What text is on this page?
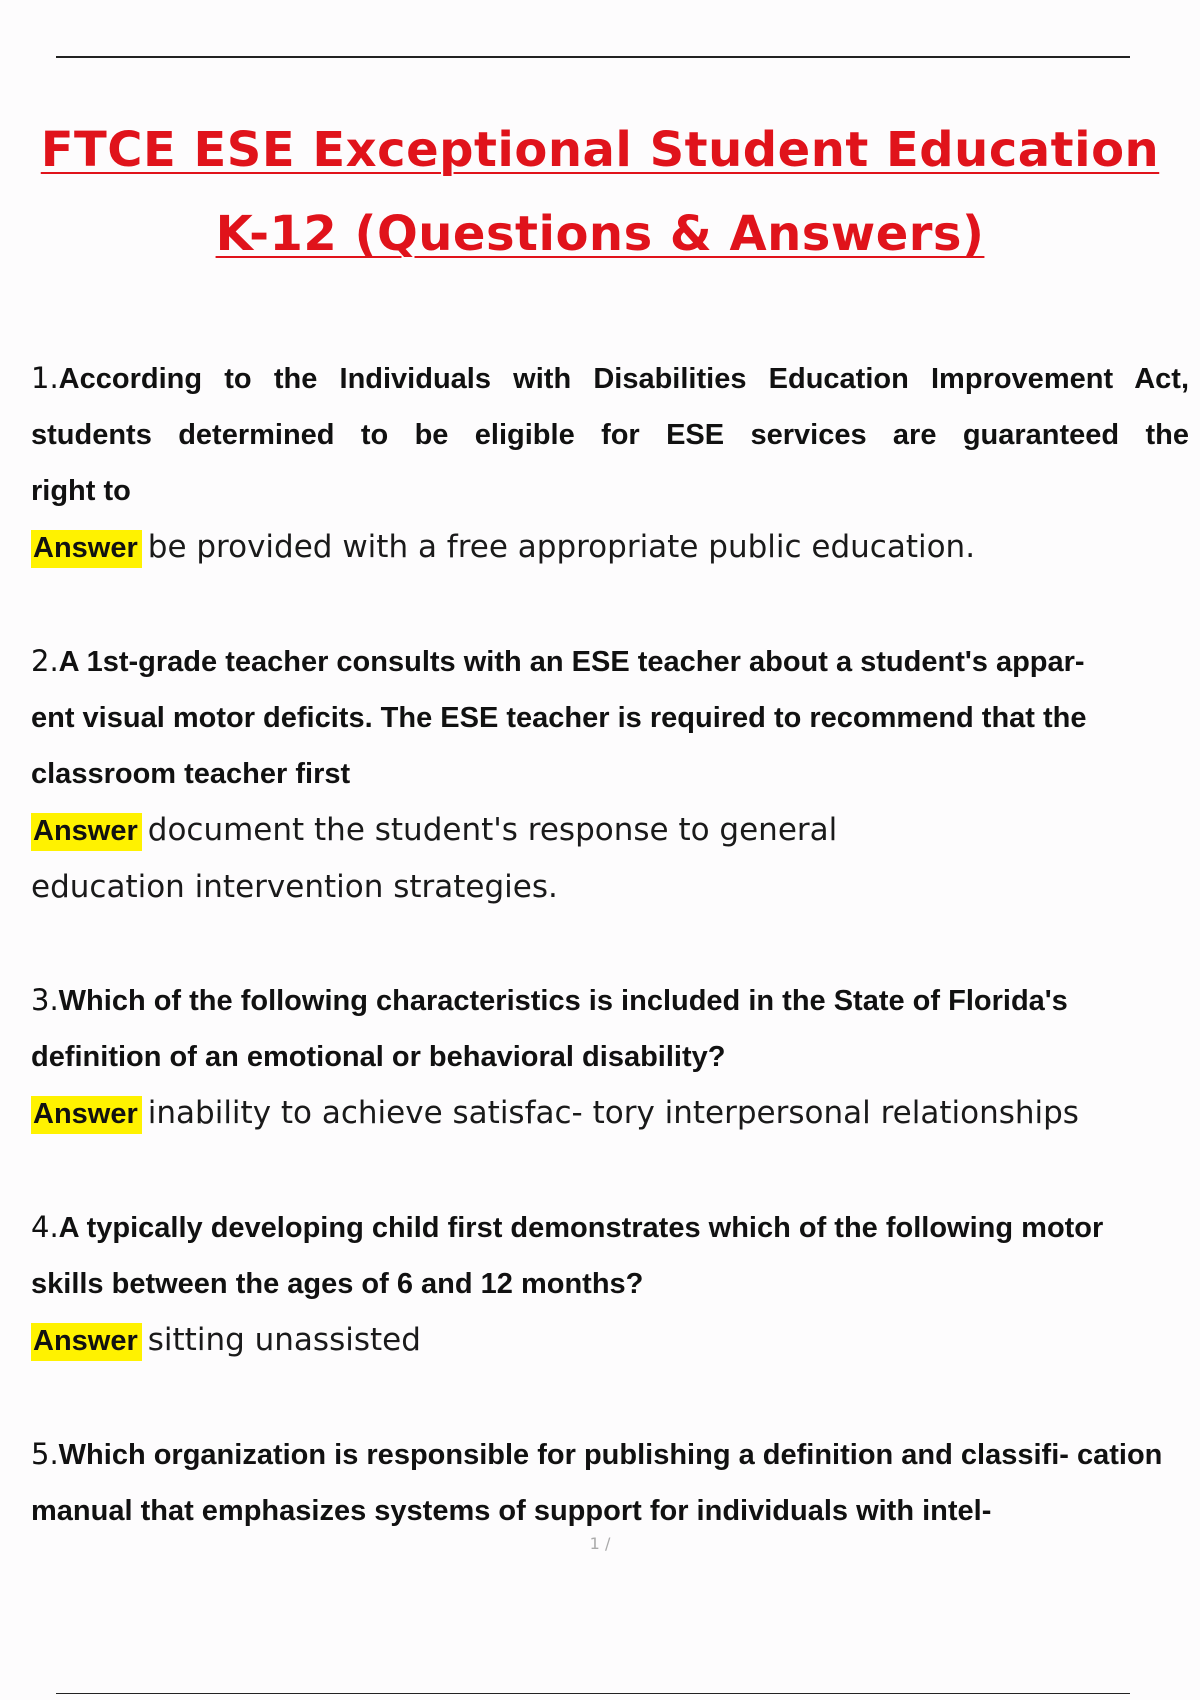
FTCE ESE Exceptional Student Education
K-12 (Questions & Answers)
1.According to the Individuals with Disabilities Education Improvement Act, students determined to be eligible for ESE services are guaranteed the
right to
Answer be provided with a free appropriate public education.
2.A 1st-grade teacher consults with an ESE teacher about a student's appar- ent visual motor deficits. The ESE teacher is required to recommend that the classroom teacher first
Answer document the student's response to general education intervention strategies.
3.Which of the following characteristics is included in the State of Florida's definition of an emotional or behavioral disability?
Answer inability to achieve satisfac- tory interpersonal relationships
4.A typically developing child first demonstrates which of the following motor skills between the ages of 6 and 12 months?
Answer sitting unassisted
5.Which organization is responsible for publishing a definition and classifi- cation manual that emphasizes systems of support for individuals with intel-
1 /
